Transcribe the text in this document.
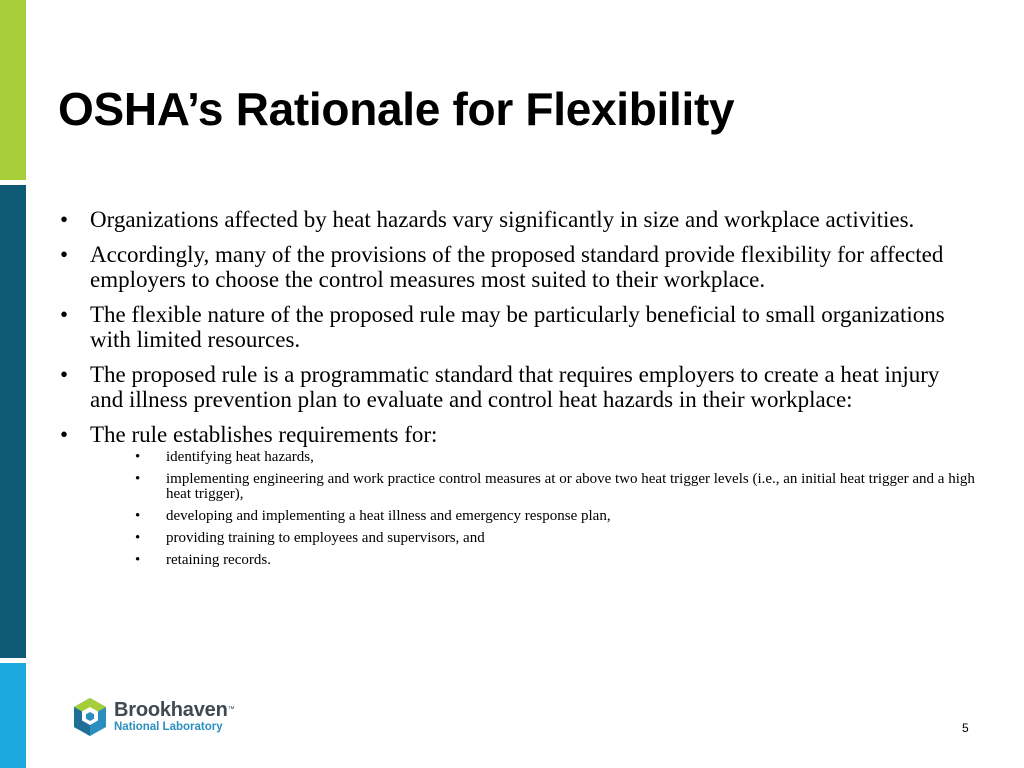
OSHA’s Rationale for Flexibility
• Organizations affected by heat hazards vary significantly in size and workplace activities.
• Accordingly, many of the provisions of the proposed standard provide flexibility for affected employers to choose the control measures most suited to their workplace.
• The flexible nature of the proposed rule may be particularly beneficial to small organizations with limited resources.
• The proposed rule is a programmatic standard that requires employers to create a heat injury and illness prevention plan to evaluate and control heat hazards in their workplace:
• The rule establishes requirements for:
• identifying heat hazards,
• implementing engineering and work practice control measures at or above two heat trigger levels (i.e., an initial heat trigger and a high heat trigger),
• developing and implementing a heat illness and emergency response plan,
• providing training to employees and supervisors, and
• retaining records.
Brookhaven™
National Laboratory	5
